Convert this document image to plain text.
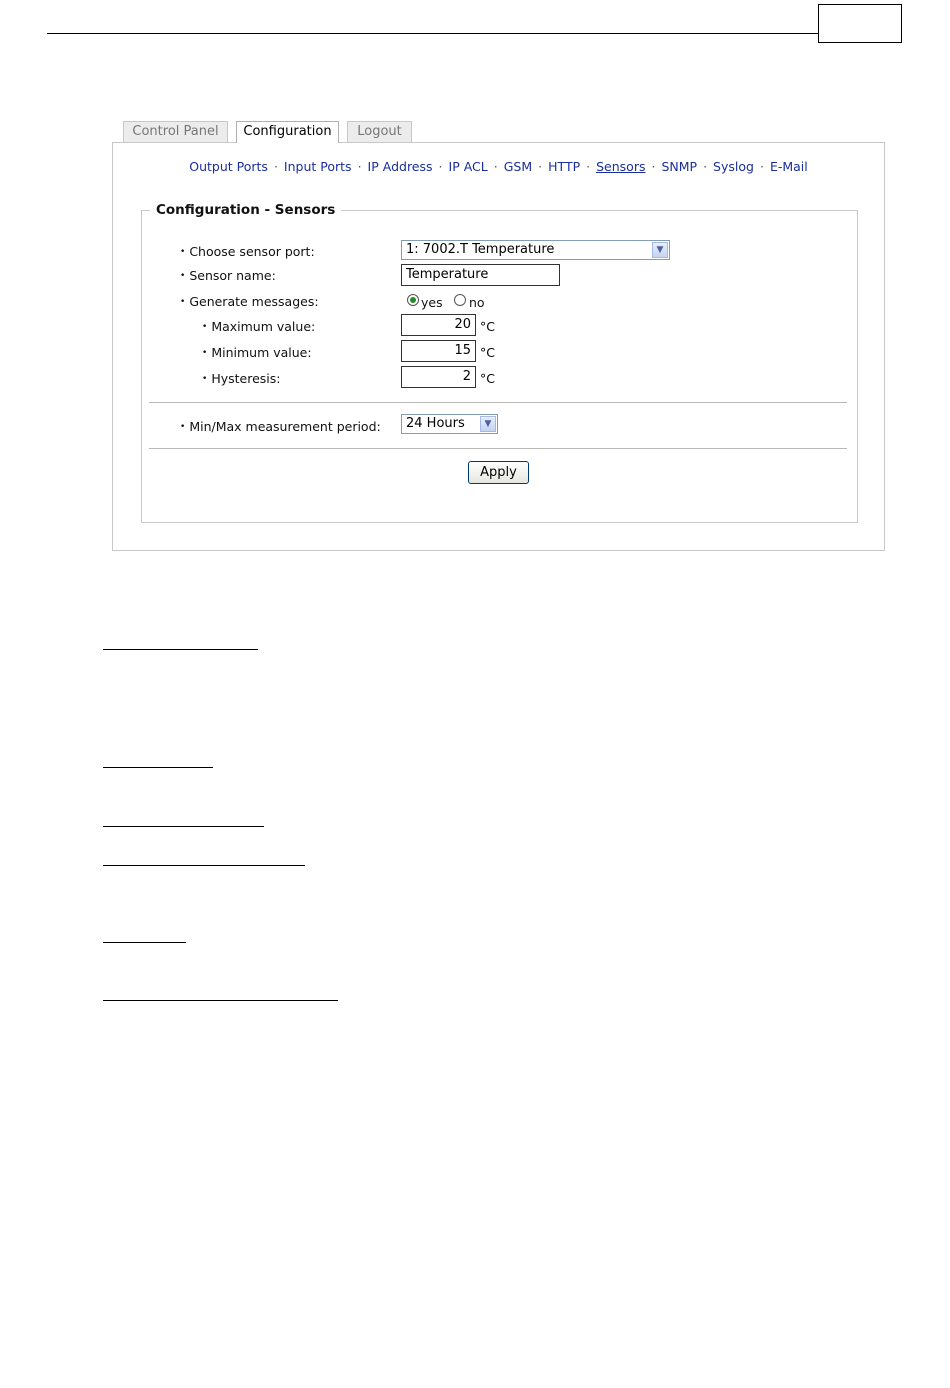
Control Panel	Configuration	Logout
Output Ports · Input Ports · IP Address · IP ACL · GSM · HTTP · Sensors · SNMP · Syslog · E-Mail
Configuration - Sensors
• Choose sensor port:	1: 7002.T Temperature	▼
• Sensor name:	Temperature
• Generate messages:	yes no
• Maximum value:	20 °C
• Minimum value:	15 °C
• Hysteresis:	2 °C
• Min/Max measurement period:	24 Hours	▼
Apply
